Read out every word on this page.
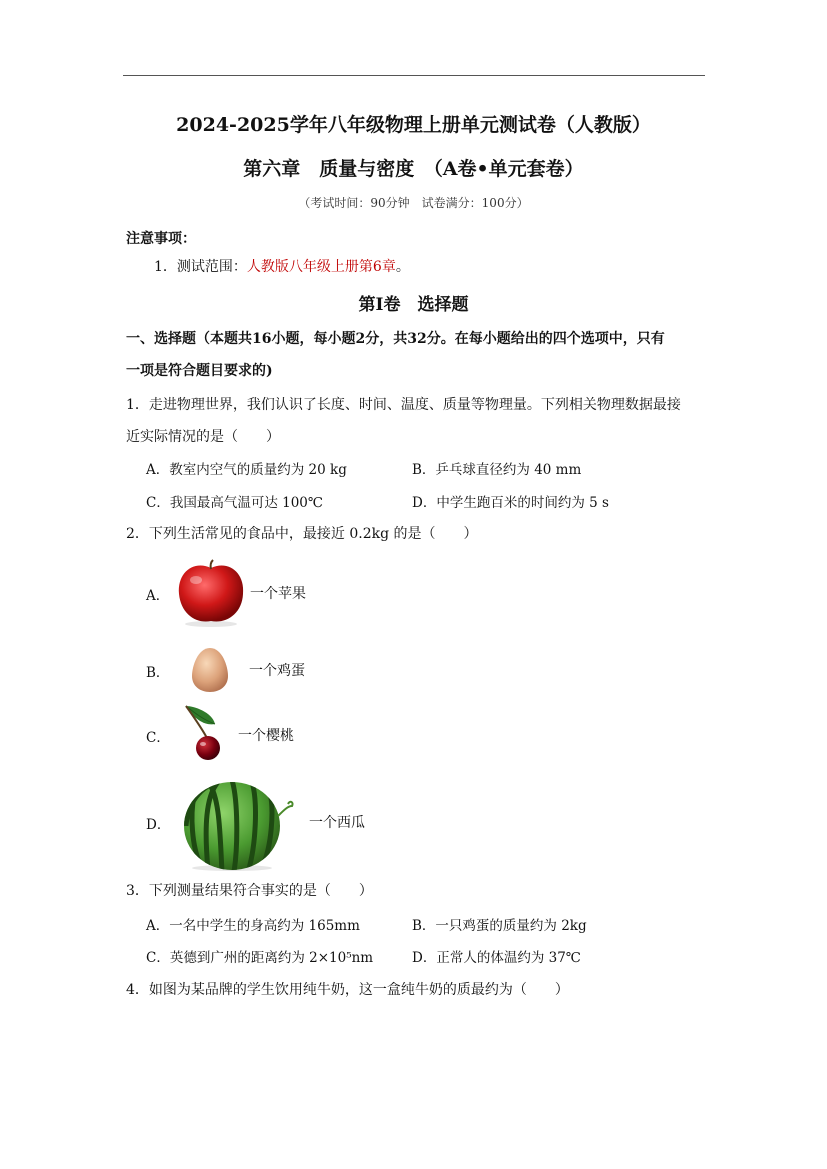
2024-2025学年八年级物理上册单元测试卷（人教版）
第六章　质量与密度　（A卷•单元套卷）
（考试时间：90分钟　试卷满分：100分）
注意事项：
1．测试范围：人教版八年级上册第6章。
第Ⅰ卷　选择题
一、选择题（本题共16小题，每小题2分，共32分。在每小题给出的四个选项中，只有
一项是符合题目要求的)
1．走进物理世界，我们认识了长度、时间、温度、质量等物理量。下列相关物理数据最接
近实际情况的是（　　）
A．教室内空气的质量约为 20 kg	B．乒乓球直径约为 40 mm
C．我国最高气温可达 100℃	D．中学生跑百米的时间约为 5 s
2．下列生活常见的食品中，最接近 0.2kg 的是（　　）
A．	一个苹果
B．	一个鸡蛋
C．	一个樱桃
D．	一个西瓜
3．下列测量结果符合事实的是（　　）
A．一名中学生的身高约为 165mm	B．一只鸡蛋的质量约为 2kg
C．英德到广州的距离约为 2×10⁵nm	D．正常人的体温约为 37℃
4．如图为某品牌的学生饮用纯牛奶，这一盒纯牛奶的质最约为（　　）
